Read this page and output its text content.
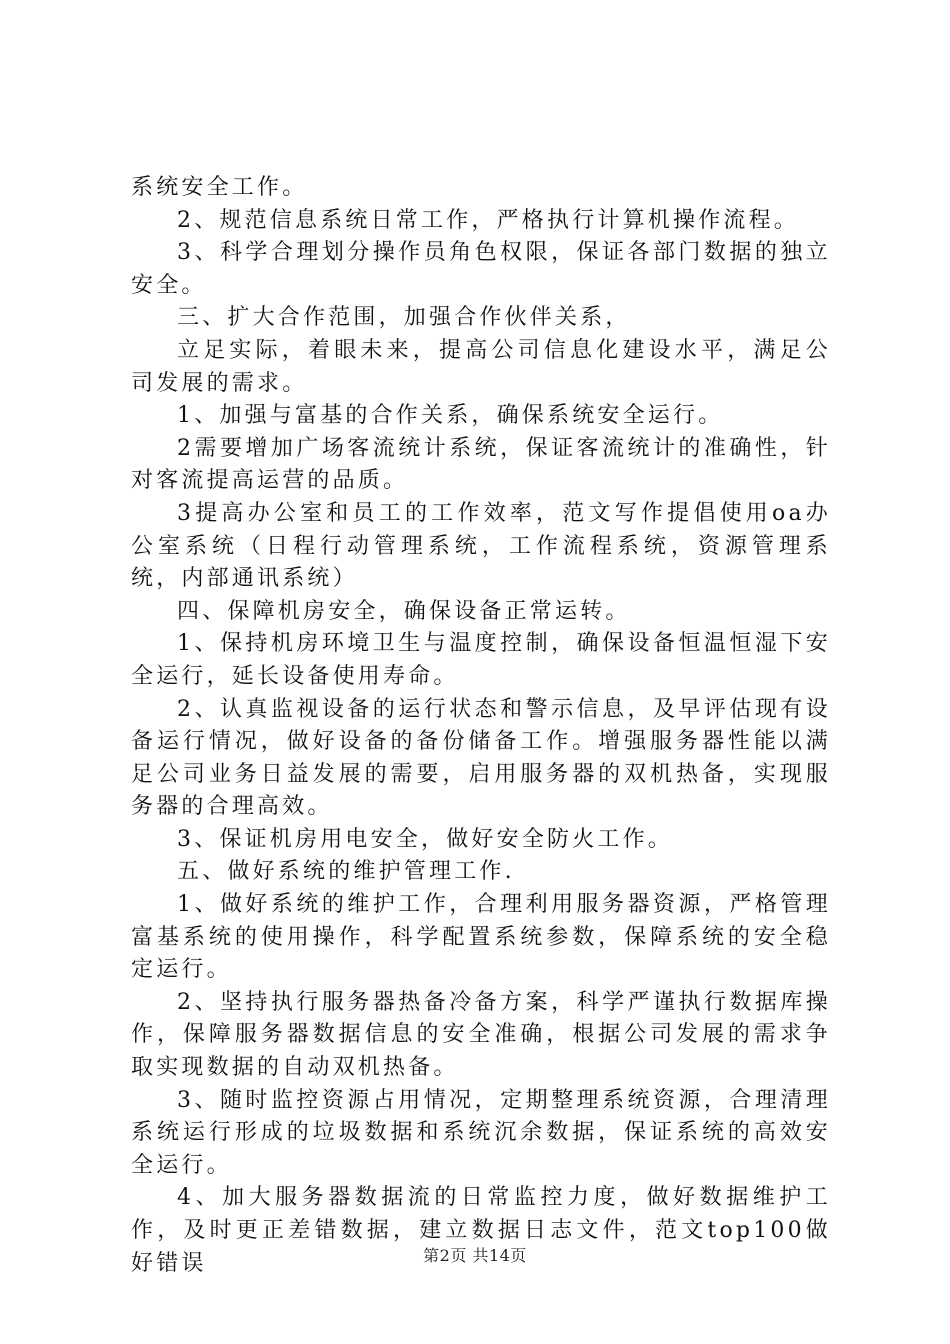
系统安全工作。

2、规范信息系统日常工作，严格执行计算机操作流程。

3、科学合理划分操作员角色权限，保证各部门数据的独立安全。

三、扩大合作范围，加强合作伙伴关系，

立足实际，着眼未来，提高公司信息化建设水平，满足公司发展的需求。

1、加强与富基的合作关系，确保系统安全运行。

2需要增加广场客流统计系统，保证客流统计的准确性，针对客流提高运营的品质。

3提高办公室和员工的工作效率，范文写作提倡使用oa办公室系统（日程行动管理系统，工作流程系统，资源管理系统，内部通讯系统）

四、保障机房安全，确保设备正常运转。

1、保持机房环境卫生与温度控制，确保设备恒温恒湿下安全运行，延长设备使用寿命。

2、认真监视设备的运行状态和警示信息，及早评估现有设备运行情况，做好设备的备份储备工作。增强服务器性能以满足公司业务日益发展的需要，启用服务器的双机热备，实现服务器的合理高效。

3、保证机房用电安全，做好安全防火工作。

五、做好系统的维护管理工作.

1、做好系统的维护工作，合理利用服务器资源，严格管理富基系统的使用操作，科学配置系统参数，保障系统的安全稳定运行。

2、坚持执行服务器热备冷备方案，科学严谨执行数据库操作，保障服务器数据信息的安全准确，根据公司发展的需求争取实现数据的自动双机热备。

3、随时监控资源占用情况，定期整理系统资源，合理清理系统运行形成的垃圾数据和系统沉余数据，保证系统的高效安全运行。

4、加大服务器数据流的日常监控力度，做好数据维护工作，及时更正差错数据，建立数据日志文件，范文top100做好错误	第2页 共14页
